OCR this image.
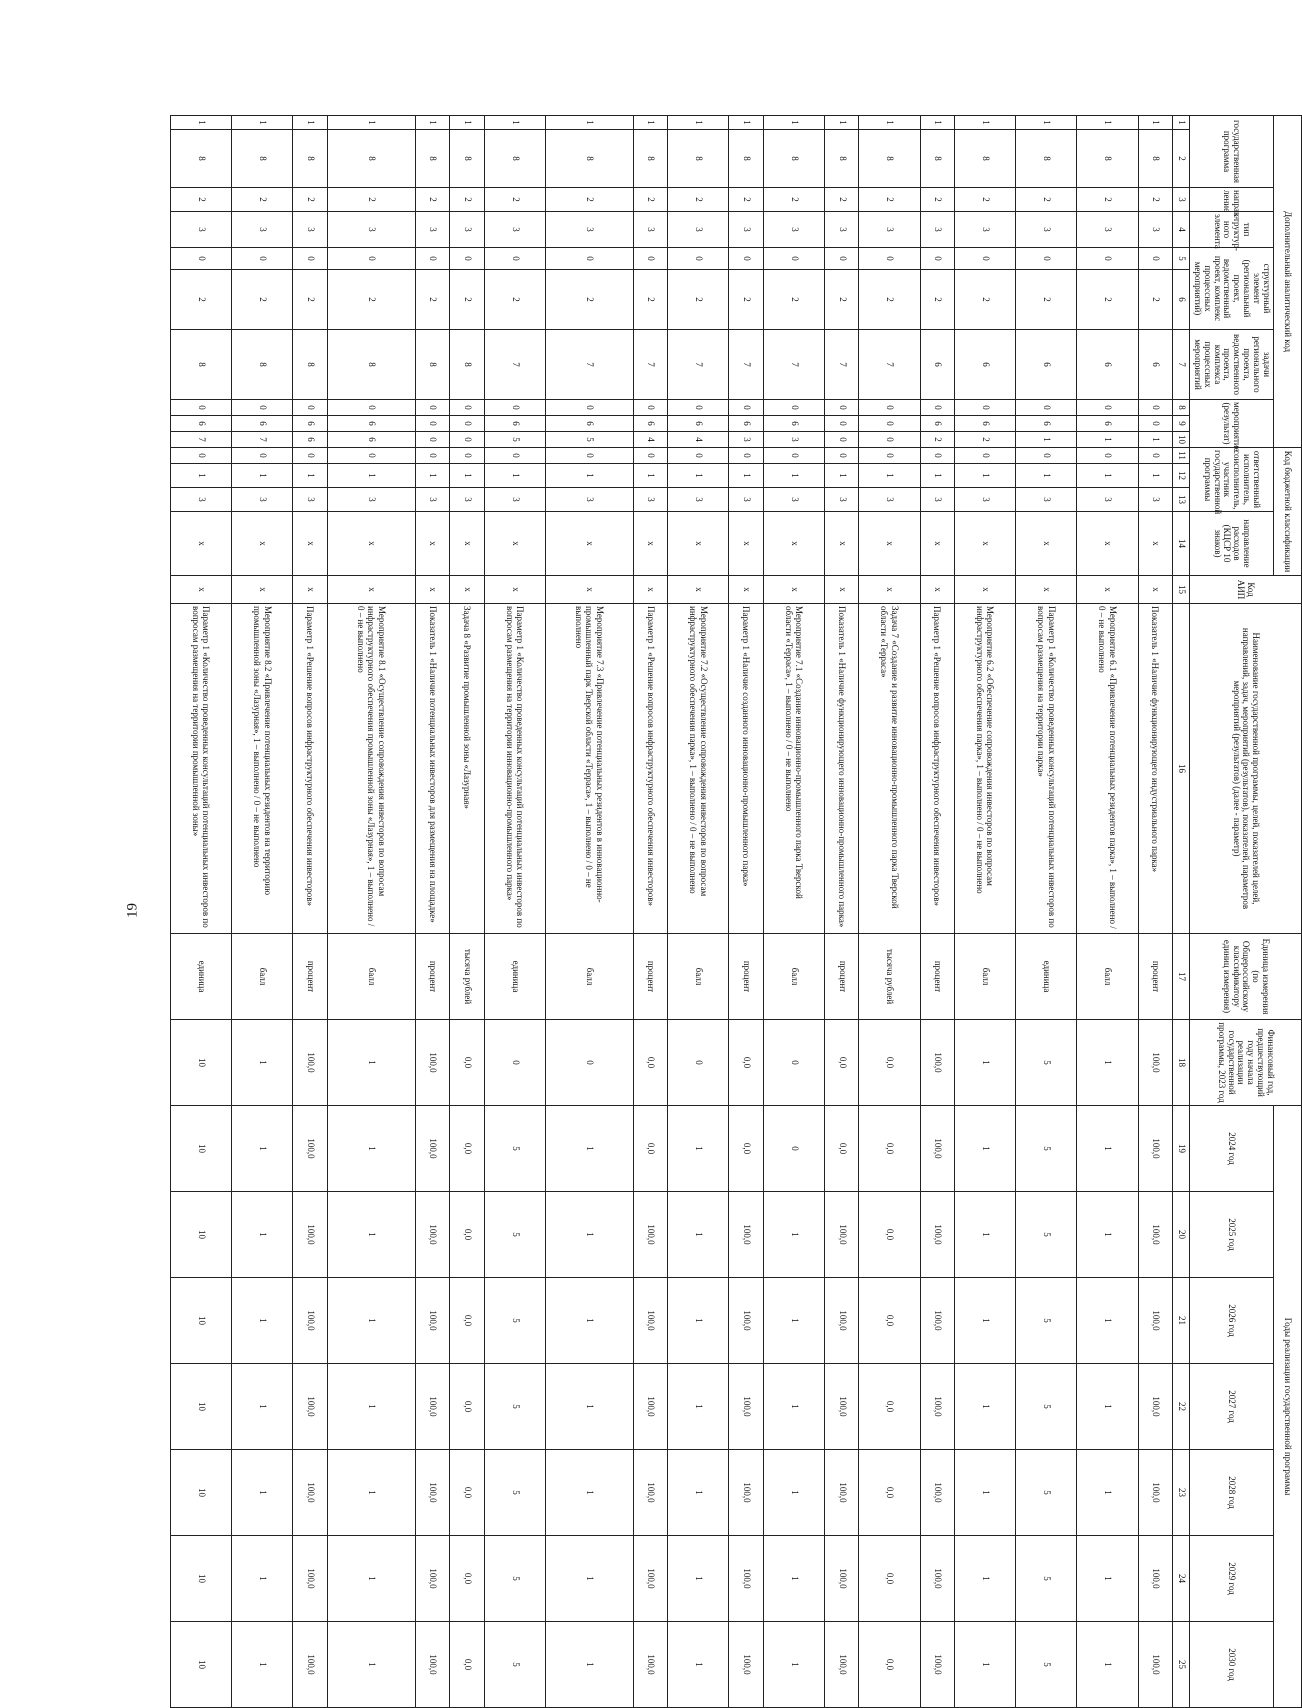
19
Дополнительный аналитический код										Код бюджетной классификации				Код АИП	Наименование государственной программы, целей, показателей целей, направлений, задач, мероприятий (результатов), показателей, параметров мероприятий (результатов) (далее - параметр)	Единица измерения (по Общероссийскому классификатору единиц измерения)	Финансовый год, предшествующий году начала реализации государственной программы, 2023 год	Годы реализации государственной программы						
государственная программа		направ-ление	тип структур-ного элемента	структурный элемент (региональный проект, ведомственный проект, комплекс процессных мероприятий)		задачи регионального проекта, ведомственного проекта, комплекса процессных мероприятий	мероприятие (результат)			ответственный исполнитель, соисполнитель, участник государственной программы			направление расходов (КЦСР 10 знаков)					2024 год	2025 год	2026 год	2027 год	2028 год	2029 год	2030 год

1	2	3	4	5	6	7	8	9	10	11	12	13	14	15	16	17	18	19	20	21	22	23	24	25
1	8	2	3	0	2	6	0	0	1	0	1	3	x	x	Показатель 1 «Наличие функционирующего индустриального парка»	процент	100,0	100,0	100,0	100,0	100,0	100,0	100,0	100,0
1	8	2	3	0	2	6	0	6	1	0	1	3	x	x	Мероприятие 6.1 «Привлечение потенциальных резидентов парка», 1 – выполнено / 0 – не выполнено	балл	1	1	1	1	1	1	1	1
1	8	2	3	0	2	6	0	6	1	0	1	3	x	x	Параметр 1 «Количество проведенных консультаций потенциальных инвесторов по вопросам размещения на территории парка»	единица	5	5	5	5	5	5	5	5
1	8	2	3	0	2	6	0	6	2	0	1	3	x	x	Мероприятие 6.2 «Обеспечение сопровождения инвесторов по вопросам инфраструктурного обеспечения парка», 1 – выполнено / 0 – не выполнено	балл	1	1	1	1	1	1	1	1
1	8	2	3	0	2	6	0	6	2	0	1	3	x	x	Параметр 1 «Решение вопросов инфраструктурного обеспечения инвесторов»	процент	100,0	100,0	100,0	100,0	100,0	100,0	100,0	100,0
1	8	2	3	0	2	7	0	0	0	0	1	3	x	x	Задача 7 «Создание и развитие инновационно-промышленного парка Тверской области «Терраса»	тысяча рублей	0,0	0,0	0,0	0,0	0,0	0,0	0,0	0,0
1	8	2	3	0	2	7	0	0	0	0	1	3	x	x	Показатель 1 «Наличие функционирующего инновационно-промышленного парка»	процент	0,0	0,0	100,0	100,0	100,0	100,0	100,0	100,0
1	8	2	3	0	2	7	0	6	3	0	1	3	x	x	Мероприятие 7.1 «Создание инновационно-промышленного парка Тверской области «Терраса», 1 – выполнено / 0 – не выполнено	балл	0	0	1	1	1	1	1	1
1	8	2	3	0	2	7	0	6	3	0	1	3	x	x	Параметр 1 «Наличие созданного инновационно-промышленного парка»	процент	0,0	0,0	100,0	100,0	100,0	100,0	100,0	100,0
1	8	2	3	0	2	7	0	6	4	0	1	3	x	x	Мероприятие 7.2 «Осуществление сопровождения инвесторов по вопросам инфраструктурного обеспечения парка», 1 – выполнено / 0 – не выполнено	балл	0	1	1	1	1	1	1	1
1	8	2	3	0	2	7	0	6	4	0	1	3	x	x	Параметр 1 «Решение вопросов инфраструктурного обеспечения инвесторов»	процент	0,0	0,0	100,0	100,0	100,0	100,0	100,0	100,0
1	8	2	3	0	2	7	0	6	5	0	1	3	x	x	Мероприятие 7.3 «Привлечение потенциальных резидентов в инновационно-промышленный парк Тверской области «Терраса», 1 – выполнено / 0 – не выполнено	балл	0	1	1	1	1	1	1	1
1	8	2	3	0	2	7	0	6	5	0	1	3	x	x	Параметр 1 «Количество проведенных консультаций потенциальных инвесторов по вопросам размещения на территории инновационно-промышленного парка»	единица	0	5	5	5	5	5	5	5
1	8	2	3	0	2	8	0	0	0	0	1	3	x	x	Задача 8 «Развитие промышленной зоны «Лазурная»	тысяча рублей	0,0	0,0	0,0	0,0	0,0	0,0	0,0	0,0
1	8	2	3	0	2	8	0	0	0	0	1	3	x	x	Показатель 1 «Наличие потенциальных инвесторов для размещения на площадке»	процент	100,0	100,0	100,0	100,0	100,0	100,0	100,0	100,0
1	8	2	3	0	2	8	0	6	6	0	1	3	x	x	Мероприятие 8.1 «Осуществление сопровождения инвесторов по вопросам инфраструктурного обеспечения промышленной зоны «Лазурная», 1 – выполнено / 0 – не выполнено	балл	1	1	1	1	1	1	1	1
1	8	2	3	0	2	8	0	6	6	0	1	3	x	x	Параметр 1 «Решение вопросов инфраструктурного обеспечения инвесторов»	процент	100,0	100,0	100,0	100,0	100,0	100,0	100,0	100,0
1	8	2	3	0	2	8	0	6	7	0	1	3	x	x	Мероприятие 8.2 «Привлечение потенциальных резидентов на территорию промышленной зоны «Лазурная», 1 – выполнено / 0 – не выполнено	балл	1	1	1	1	1	1	1	1
1	8	2	3	0	2	8	0	6	7	0	1	3	x	x	Параметр 1 «Количество проведенных консультаций потенциальных инвесторов по вопросам размещения на территории промышленной зоны»	единица	10	10	10	10	10	10	10	10
